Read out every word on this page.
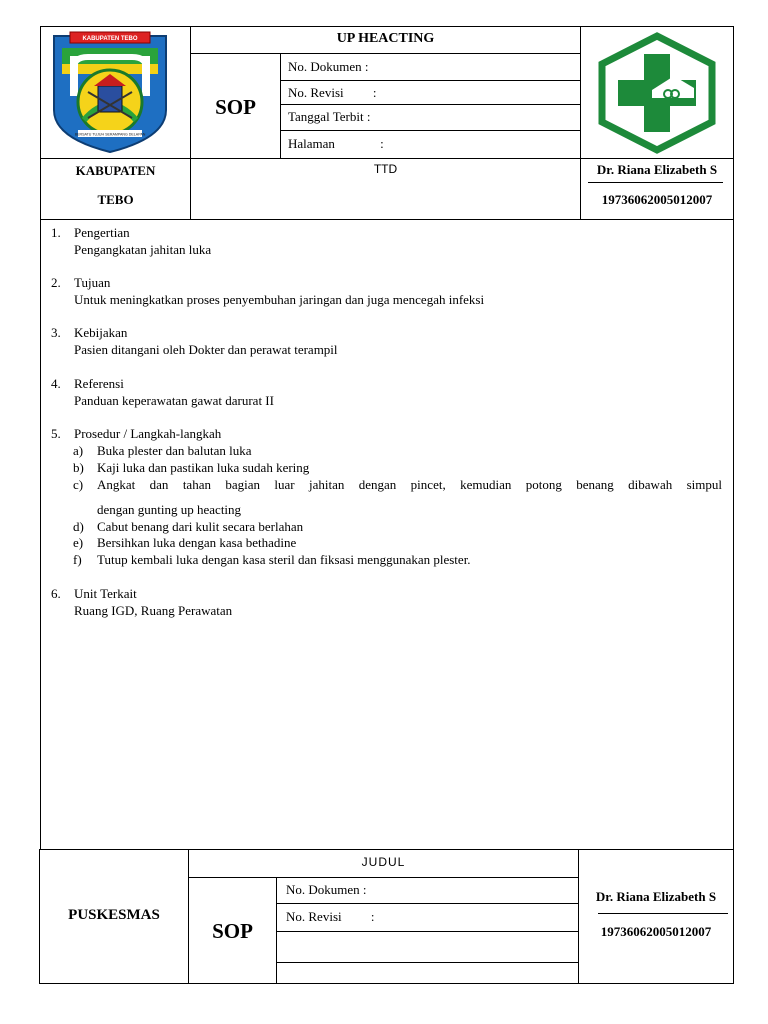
KABUPATEN TEBO
BERSATU TUJUH SERAMPANG DELAPAN
UP HEACTING
SOP
No. Dokumen :
No. Revisi :
Tanggal Terbit :
Halaman	:
KABUPATEN
TEBO
TTD	Dr. Riana Elizabeth S
19736062005012007
1. Pengertian
Pengangkatan jahitan luka
2. Tujuan
Untuk meningkatkan proses penyembuhan jaringan dan juga mencegah infeksi
3. Kebijakan
Pasien ditangani oleh Dokter dan perawat terampil
4. Referensi
Panduan keperawatan gawat darurat II
5. Prosedur / Langkah-langkah
a) Buka plester dan balutan luka
b) Kaji luka dan pastikan luka sudah kering
c) Angkat dan tahan bagian luar jahitan dengan pincet, kemudian potong benang dibawah simpul
dengan gunting up heacting
d) Cabut benang dari kulit secara berlahan
e) Bersihkan luka dengan kasa bethadine
f) Tutup kembali luka dengan kasa steril dan fiksasi menggunakan plester.
6. Unit Terkait
Ruang IGD, Ruang Perawatan
PUSKESMAS
JUDUL
SOP
No. Dokumen :
No. Revisi :
Dr. Riana Elizabeth S
19736062005012007
